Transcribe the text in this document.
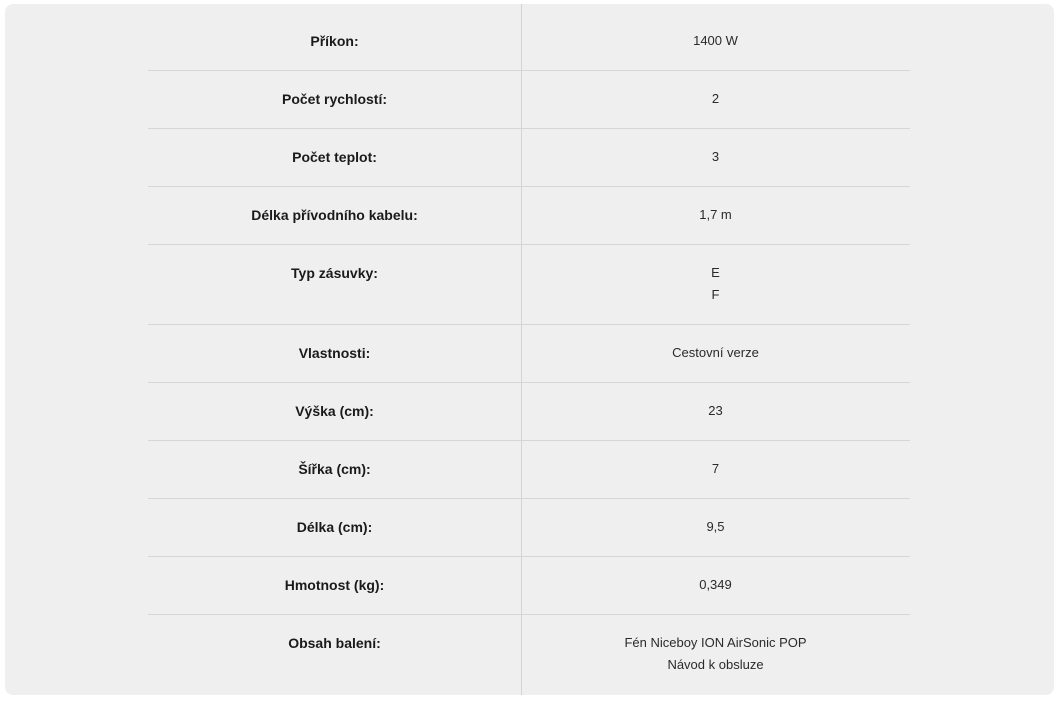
Příkon:	1400 W
Počet rychlostí:	2
Počet teplot:	3
Délka přívodního kabelu:	1,7 m
Typ zásuvky:	E
F
Vlastnosti:	Cestovní verze
Výška (cm):	23
Šířka (cm):	7
Délka (cm):	9,5
Hmotnost (kg):	0,349
Obsah balení:	Fén Niceboy ION AirSonic POP
Návod k obsluze
